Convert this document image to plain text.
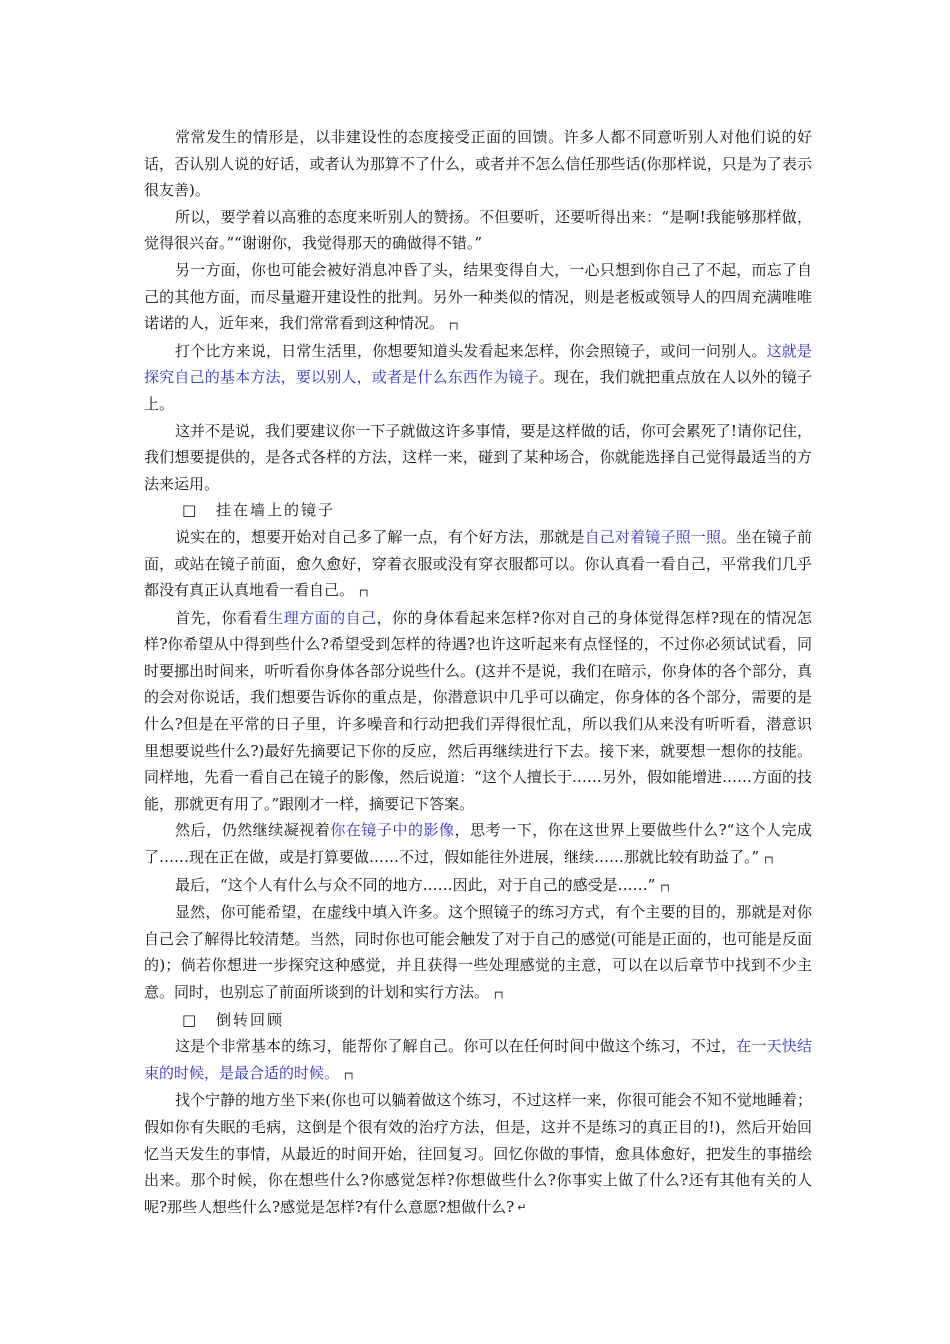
常常发生的情形是，以非建设性的态度接受正面的回馈。许多人都不同意听别人对他们说的好话，否认别人说的好话，或者认为那算不了什么，或者并不怎么信任那些话(你那样说，只是为了表示很友善)。

所以，要学着以高雅的态度来听别人的赞扬。不但要听，还要听得出来：“是啊!我能够那样做，觉得很兴奋。”“谢谢你，我觉得那天的确做得不错。”

另一方面，你也可能会被好消息冲昏了头，结果变得自大，一心只想到你自己了不起，而忘了自己的其他方面，而尽量避开建设性的批判。另外一种类似的情况，则是老板或领导人的四周充满唯唯诺诺的人，近年来，我们常常看到这种情况。 ┌┐

打个比方来说，日常生活里，你想要知道头发看起来怎样，你会照镜子，或问一问别人。这就是探究自己的基本方法，要以别人，或者是什么东西作为镜子。现在，我们就把重点放在人以外的镜子上。

这并不是说，我们要建议你一下子就做这许多事情，要是这样做的话，你可会累死了!请你记住，我们想要提供的，是各式各样的方法，这样一来，碰到了某种场合，你就能选择自己觉得最适当的方法来运用。

□ 挂在墙上的镜子

说实在的，想要开始对自己多了解一点，有个好方法，那就是自己对着镜子照一照。坐在镜子前面，或站在镜子前面，愈久愈好，穿着衣服或没有穿衣服都可以。你认真看一看自己，平常我们几乎都没有真正认真地看一看自己。 ┌┐

首先，你看看生理方面的自己，你的身体看起来怎样?你对自己的身体觉得怎样?现在的情况怎样?你希望从中得到些什么?希望受到怎样的待遇?也许这听起来有点怪怪的，不过你必须试试看，同时要挪出时间来，听听看你身体各部分说些什么。(这并不是说，我们在暗示，你身体的各个部分，真的会对你说话，我们想要告诉你的重点是，你潜意识中几乎可以确定，你身体的各个部分，需要的是什么?但是在平常的日子里，许多噪音和行动把我们弄得很忙乱，所以我们从来没有听听看，潜意识里想要说些什么?)最好先摘要记下你的反应，然后再继续进行下去。接下来，就要想一想你的技能。同样地，先看一看自己在镜子的影像，然后说道：“这个人擅长于……另外，假如能增进……方面的技能，那就更有用了。”跟刚才一样，摘要记下答案。

然后，仍然继续凝视着你在镜子中的影像，思考一下，你在这世界上要做些什么?“这个人完成了……现在正在做，或是打算要做……不过，假如能往外进展，继续……那就比较有助益了。” ┌┐

最后，“这个人有什么与众不同的地方……因此，对于自己的感受是……” ┌┐

显然，你可能希望，在虚线中填入许多。这个照镜子的练习方式，有个主要的目的，那就是对你自己会了解得比较清楚。当然，同时你也可能会触发了对于自己的感觉(可能是正面的，也可能是反面的)；倘若你想进一步探究这种感觉，并且获得一些处理感觉的主意，可以在以后章节中找到不少主意。同时，也别忘了前面所谈到的计划和实行方法。 ┌┐

□ 倒转回顾

这是个非常基本的练习，能帮你了解自己。你可以在任何时间中做这个练习，不过，在一天快结束的时候，是最合适的时候。 ┌┐

找个宁静的地方坐下来(你也可以躺着做这个练习，不过这样一来，你很可能会不知不觉地睡着；假如你有失眠的毛病，这倒是个很有效的治疗方法，但是，这并不是练习的真正目的!)，然后开始回忆当天发生的事情，从最近的时间开始，往回复习。回忆你做的事情，愈具体愈好，把发生的事描绘出来。那个时候，你在想些什么?你感觉怎样?你想做些什么?你事实上做了什么?还有其他有关的人呢?那些人想些什么?感觉是怎样?有什么意愿?想做什么? ↵
